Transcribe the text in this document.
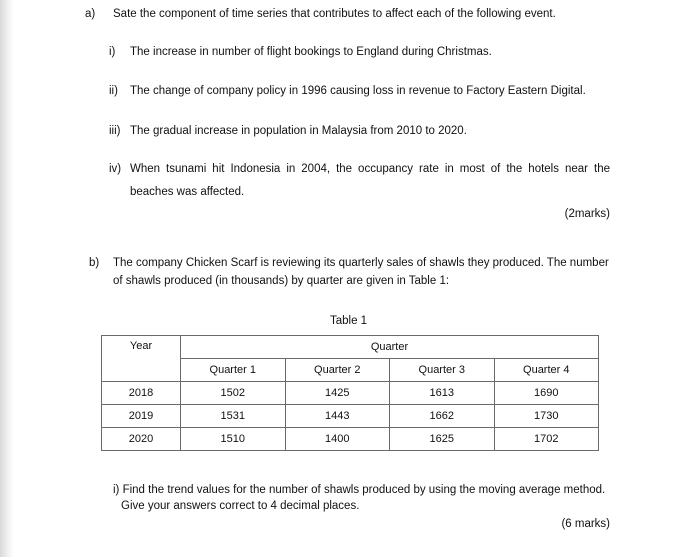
a) Sate the component of time series that contributes to affect each of the following event.
i) The increase in number of flight bookings to England during Christmas.
ii) The change of company policy in 1996 causing loss in revenue to Factory Eastern Digital.
iii) The gradual increase in population in Malaysia from 2010 to 2020.
iv) When tsunami hit Indonesia in 2004, the occupancy rate in most of the hotels near the
beaches was affected.
(2marks)
b) The company Chicken Scarf is reviewing its quarterly sales of shawls they produced. The number
of shawls produced (in thousands) by quarter are given in Table 1:
Table 1
Year	Quarter			
	Quarter 1	Quarter 2	Quarter 3	Quarter 4
2018	1502	1425	1613	1690
2019	1531	1443	1662	1730
2020	1510	1400	1625	1702
i) Find the trend values for the number of shawls produced by using the moving average method.
Give your answers correct to 4 decimal places.
(6 marks)
